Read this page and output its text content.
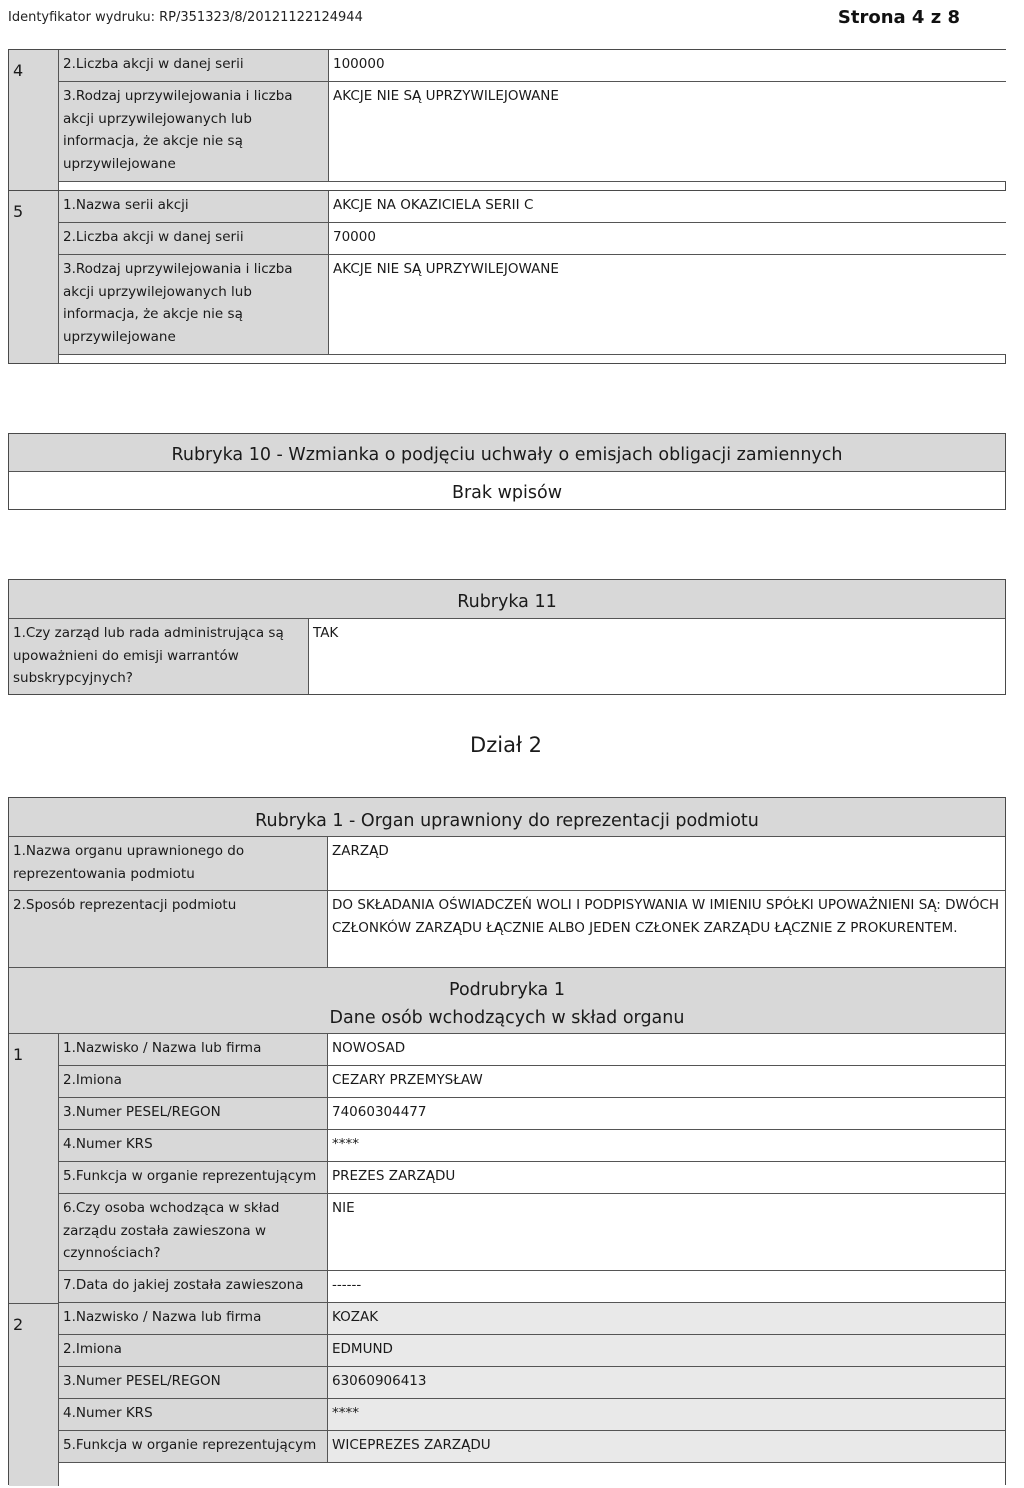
Identyfikator wydruku: RP/351323/8/20121122124944	Strona 4 z 8
4	2.Liczba akcji w danej serii	100000
3.Rodzaj uprzywilejowania i liczba akcji uprzywilejowanych lub informacja, że akcje nie są uprzywilejowane
AKCJE NIE SĄ UPRZYWILEJOWANE
5	1.Nazwa serii akcji	AKCJE NA OKAZICIELA SERII C
2.Liczba akcji w danej serii	70000
3.Rodzaj uprzywilejowania i liczba akcji uprzywilejowanych lub informacja, że akcje nie są uprzywilejowane
AKCJE NIE SĄ UPRZYWILEJOWANE
Rubryka 10 - Wzmianka o podjęciu uchwały o emisjach obligacji zamiennych
Brak wpisów
Rubryka 11
1.Czy zarząd lub rada administrująca są upoważnieni do emisji warrantów subskrypcyjnych?
TAK
Dział 2
Rubryka 1 - Organ uprawniony do reprezentacji podmiotu
1.Nazwa organu uprawnionego do reprezentowania podmiotu
ZARZĄD
2.Sposób reprezentacji podmiotu	DO SKŁADANIA OŚWIADCZEŃ WOLI I PODPISYWANIA W IMIENIU SPÓŁKI UPOWAŻNIENI SĄ: DWÓCH CZŁONKÓW ZARZĄDU ŁĄCZNIE ALBO JEDEN CZŁONEK ZARZĄDU ŁĄCZNIE Z PROKURENTEM.
Podrubryka 1
Dane osób wchodzących w skład organu
1	1.Nazwisko / Nazwa lub firma	NOWOSAD
2.Imiona	CEZARY PRZEMYSŁAW
3.Numer PESEL/REGON	74060304477
4.Numer KRS	****
5.Funkcja w organie reprezentującym	PREZES ZARZĄDU
6.Czy osoba wchodząca w skład zarządu została zawieszona w czynnościach?
NIE
7.Data do jakiej została zawieszona	------
2	1.Nazwisko / Nazwa lub firma	KOZAK
2.Imiona	EDMUND
3.Numer PESEL/REGON	63060906413
4.Numer KRS	****
5.Funkcja w organie reprezentującym	WICEPREZES ZARZĄDU
